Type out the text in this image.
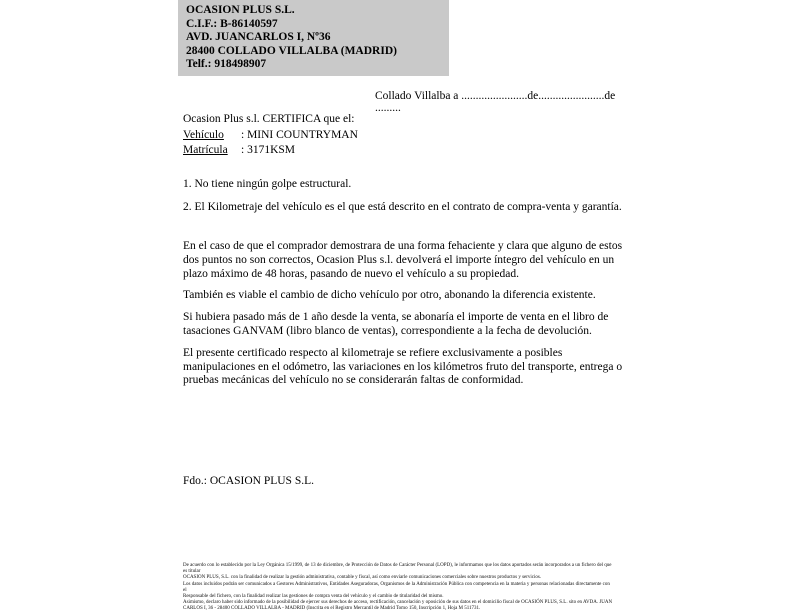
OCASION PLUS S.L.
C.I.F.: B-86140597
AVD. JUANCARLOS I, Nº36
28400 COLLADO VILLALBA (MADRID)
Telf.: 918498907
Collado Villalba a .......................de.......................de .........

Ocasion Plus s.l. CERTIFICA que el:

Vehículo : MINI COUNTRYMAN

Matrícula : 3171KSM

1. No tiene ningún golpe estructural.

2. El Kilometraje del vehículo es el que está descrito en el contrato de compra-venta y garantía.

En el caso de que el comprador demostrara de una forma fehaciente y clara que alguno de estos dos puntos no son correctos, Ocasion Plus s.l. devolverá el importe íntegro del vehículo en un plazo máximo de 48 horas, pasando de nuevo el vehículo a su propiedad.

También es viable el cambio de dicho vehículo por otro, abonando la diferencia existente.

Si hubiera pasado más de 1 año desde la venta, se abonaría el importe de venta en el libro de tasaciones GANVAM (libro blanco de ventas), correspondiente a la fecha de devolución.

El presente certificado respecto al kilometraje se refiere exclusivamente a posibles manipulaciones en el odómetro, las variaciones en los kilómetros fruto del transporte, entrega o pruebas mecánicas del vehículo no se considerarán faltas de conformidad.

Fdo.: OCASION PLUS S.L.
De acuerdo con lo establecido por la Ley Orgánica 15/1999, de 13 de diciembre, de Protección de Datos de Carácter Personal (LOPD), le informamos que los datos aportados serán incorporados a un fichero del que es titular
OCASION PLUS, S.L. con la finalidad de realizar la gestión administrativa, contable y fiscal, así como enviarle comunicaciones comerciales sobre nuestros productos y servicios.
Los datos incluidos podrán ser comunicados a Gestores Administrativos, Entidades Aseguradoras, Organismos de la Administración Pública con competencia en la materia y personas relacionadas directamente con el
Responsable del fichero, con la finalidad realizar las gestiones de compra venta del vehículo y el cambio de titularidad del mismo.
Asimismo, declaro haber sido informado de la posibilidad de ejercer sus derechos de acceso, rectificación, cancelación y oposición de sus datos en el domicilio fiscal de OCASIÓN PLUS, S.L. sito en AVDA. JUAN
CARLOS I, 36 - 28400 COLLADO VILLALBA - MADRID (Inscrita en el Registro Mercantil de Madrid Tomo 150, Inscripción 1, Hoja M 511731.
